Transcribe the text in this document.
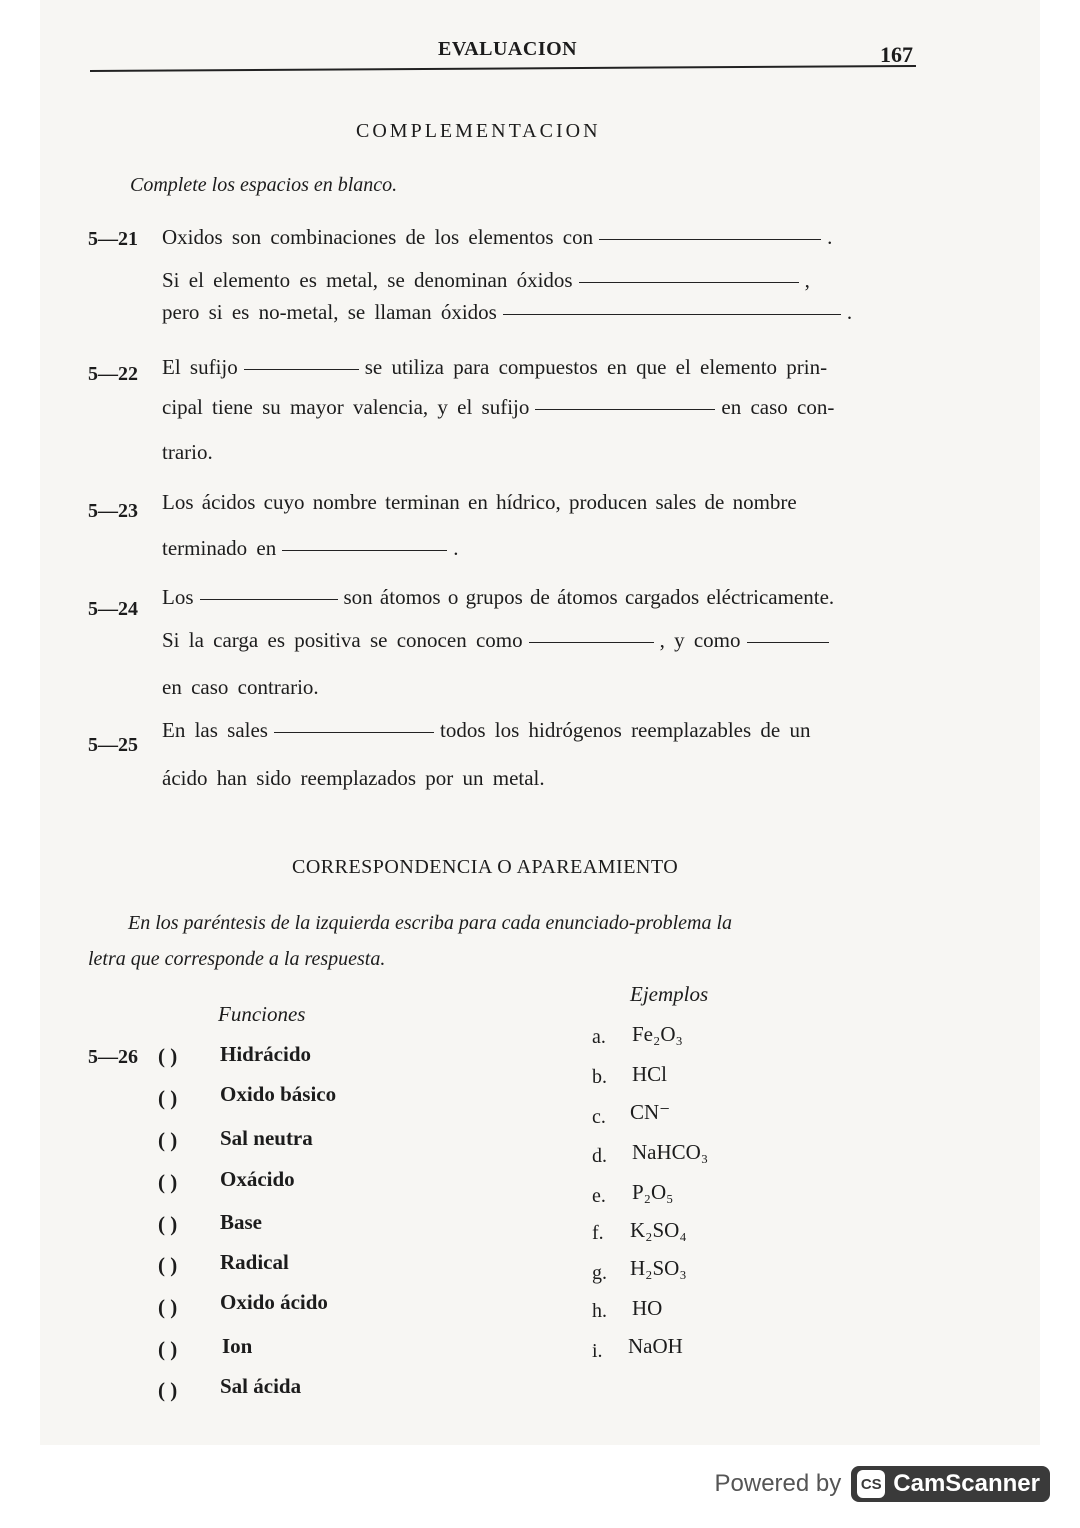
EVALUACION	167
COMPLEMENTACION
Complete los espacios en blanco.
5—21 Oxidos son combinaciones de los elementos con	.
Si el elemento es metal, se denominan óxidos	,
pero si es no-metal, se llaman óxidos	.
5—22 El sufijo	se utiliza para compuestos en que el elemento prin-
cipal tiene su mayor valencia, y el sufijo	en caso con-
trario.
5—23 Los ácidos cuyo nombre terminan en hídrico, producen sales de nombre
terminado en	.
5—24 Los	son átomos o grupos de átomos cargados eléctricamente.
Si la carga es positiva se conocen como	, y como
en caso contrario.
5—25
En las sales	todos los hidrógenos reemplazables de un
ácido han sido reemplazados por un metal.
CORRESPONDENCIA O APAREAMIENTO
En los paréntesis de la izquierda escriba para cada enunciado-problema la
letra que corresponde a la respuesta.
Ejemplos
Funciones
5—26 ( ) Hidrácido
( ) Oxido básico
( ) Sal neutra
( ) Oxácido
( ) Base
( ) Radical
( ) Oxido ácido
( ) Ion
( ) Sal ácida
a. Fe₂O₃
b. HCl
c. CN⁻
d. NaHCO₃
e. P₂O₅
f. K₂SO₄
g. H₂SO₃
h. HO
i. NaOH
Powered by CS CamScanner
